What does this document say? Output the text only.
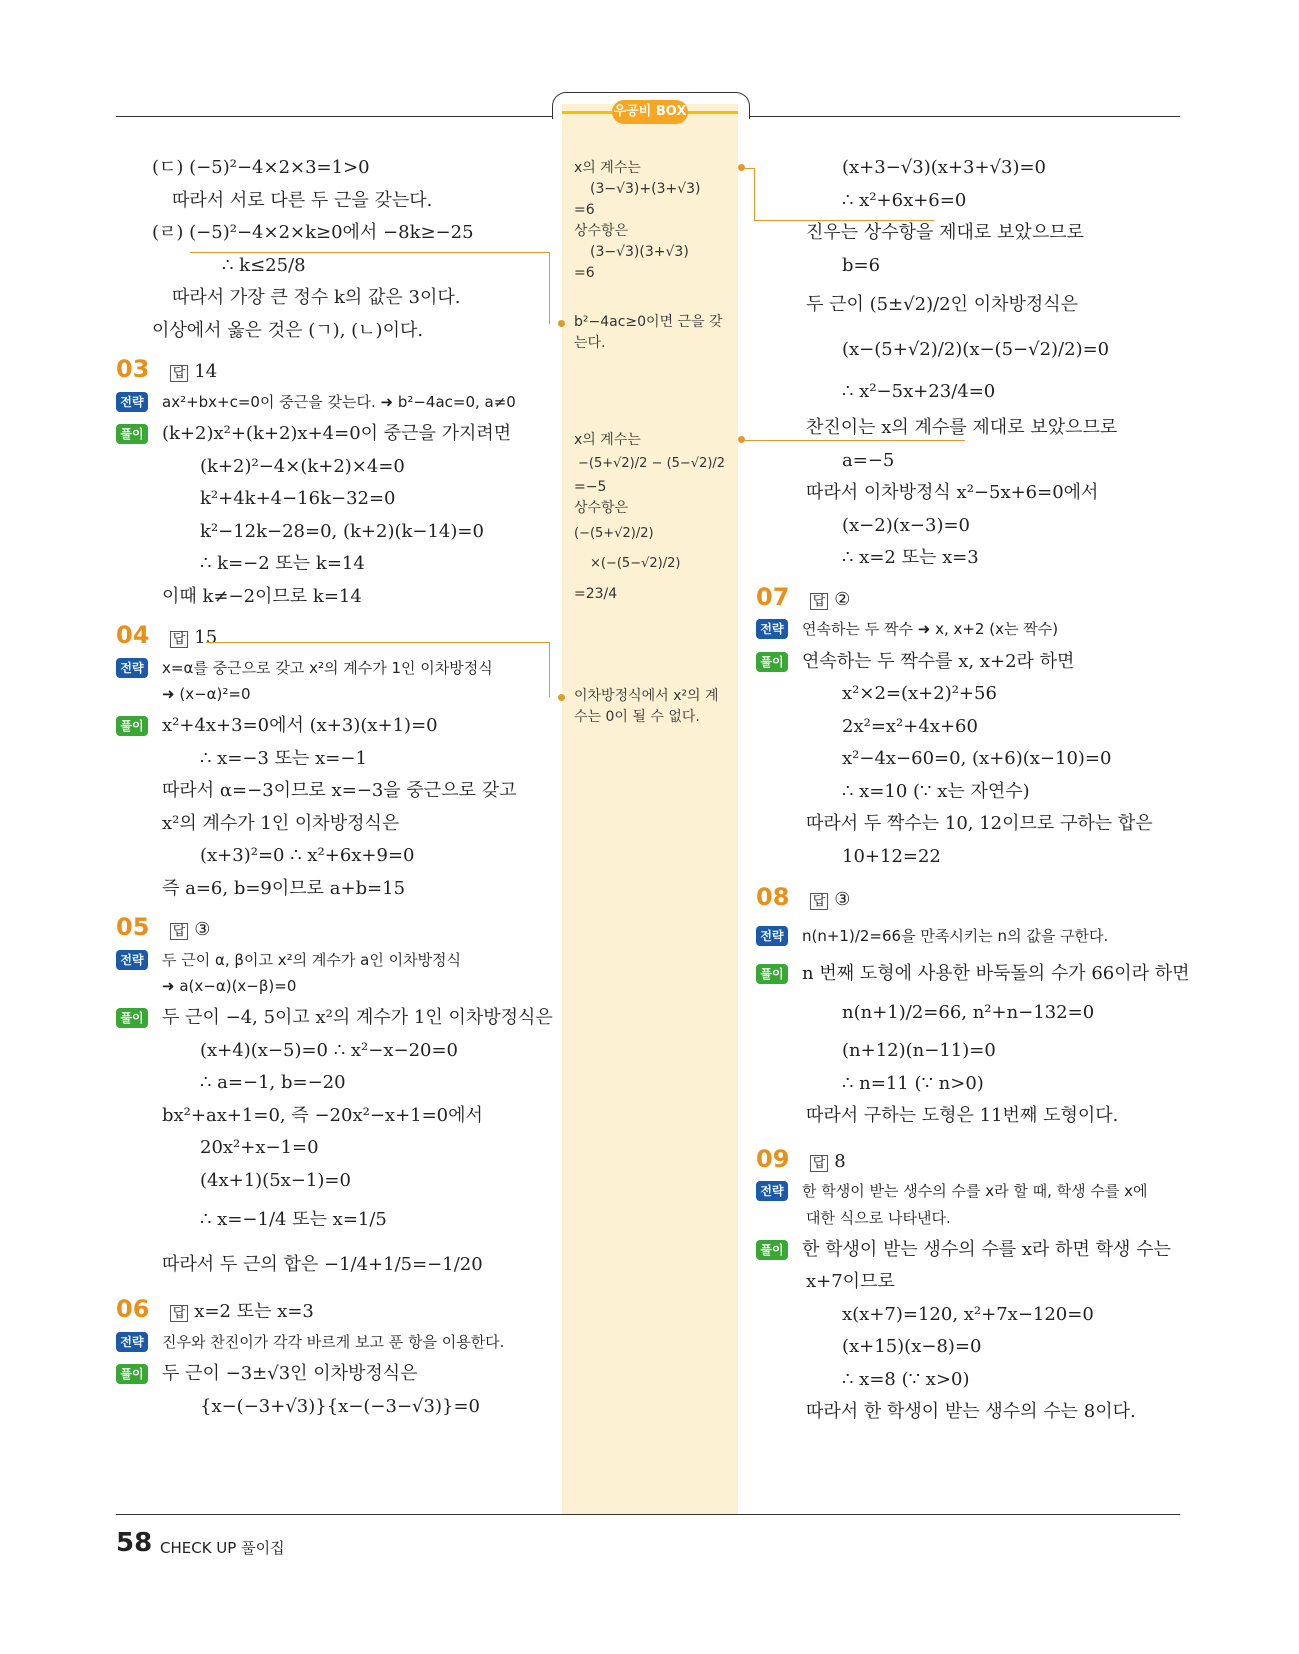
우공비 BOX
(ㄷ) (−5)²−4×2×3=1>0
따라서 서로 다른 두 근을 갖는다.
(ㄹ) (−5)²−4×2×k≥0에서 −8k≥−25
∴ k≤25/8
따라서 가장 큰 정수 k의 값은 3이다.
이상에서 옳은 것은 (ㄱ), (ㄴ)이다.
03 답 14
전략 ax²+bx+c=0이 중근을 갖는다. ➜ b²−4ac=0, a≠0
풀이 (k+2)x²+(k+2)x+4=0이 중근을 가지려면
(k+2)²−4×(k+2)×4=0
k²+4k+4−16k−32=0
k²−12k−28=0, (k+2)(k−14)=0
∴ k=−2 또는 k=14
이때 k≠−2이므로 k=14
04 답 15
전략 x=α를 중근으로 갖고 x²의 계수가 1인 이차방정식
➜ (x−α)²=0
풀이 x²+4x+3=0에서 (x+3)(x+1)=0
∴ x=−3 또는 x=−1
따라서 α=−3이므로 x=−3을 중근으로 갖고
x²의 계수가 1인 이차방정식은
(x+3)²=0 ∴ x²+6x+9=0
즉 a=6, b=9이므로 a+b=15
05 답 ③
전략 두 근이 α, β이고 x²의 계수가 a인 이차방정식
➜ a(x−α)(x−β)=0
풀이 두 근이 −4, 5이고 x²의 계수가 1인 이차방정식은
(x+4)(x−5)=0 ∴ x²−x−20=0
∴ a=−1, b=−20
bx²+ax+1=0, 즉 −20x²−x+1=0에서
20x²+x−1=0
(4x+1)(5x−1)=0
∴ x=−1/4 또는 x=1/5
따라서 두 근의 합은 −1/4+1/5=−1/20
06 답 x=2 또는 x=3
전략 진우와 찬진이가 각각 바르게 보고 푼 항을 이용한다.
풀이 두 근이 −3±√3인 이차방정식은
{x−(−3+√3)}{x−(−3−√3)}=0
x의 계수는
(3−√3)+(3+√3)
=6
상수항은
(3−√3)(3+√3)
=6
b²−4ac≥0이면 근을 갖
는다.
x의 계수는
−(5+√2)/2 − (5−√2)/2
=−5
상수항은
(−(5+√2)/2)
×(−(5−√2)/2)
=23/4
이차방정식에서 x²의 계
수는 0이 될 수 없다.
(x+3−√3)(x+3+√3)=0
∴ x²+6x+6=0
진우는 상수항을 제대로 보았으므로
b=6
두 근이 (5±√2)/2인 이차방정식은
(x−(5+√2)/2)(x−(5−√2)/2)=0
∴ x²−5x+23/4=0
찬진이는 x의 계수를 제대로 보았으므로
a=−5
따라서 이차방정식 x²−5x+6=0에서
(x−2)(x−3)=0
∴ x=2 또는 x=3
07 답 ②
전략 연속하는 두 짝수 ➜ x, x+2 (x는 짝수)
풀이 연속하는 두 짝수를 x, x+2라 하면
x²×2=(x+2)²+56
2x²=x²+4x+60
x²−4x−60=0, (x+6)(x−10)=0
∴ x=10 (∵ x는 자연수)
따라서 두 짝수는 10, 12이므로 구하는 합은
10+12=22
08 답 ③
전략 n(n+1)/2=66을 만족시키는 n의 값을 구한다.
풀이 n 번째 도형에 사용한 바둑돌의 수가 66이라 하면
n(n+1)/2=66, n²+n−132=0
(n+12)(n−11)=0
∴ n=11 (∵ n>0)
따라서 구하는 도형은 11번째 도형이다.
09 답 8
전략 한 학생이 받는 생수의 수를 x라 할 때, 학생 수를 x에
대한 식으로 나타낸다.
풀이 한 학생이 받는 생수의 수를 x라 하면 학생 수는
x+7이므로
x(x+7)=120, x²+7x−120=0
(x+15)(x−8)=0
∴ x=8 (∵ x>0)
따라서 한 학생이 받는 생수의 수는 8이다.
58 CHECK UP 풀이집
